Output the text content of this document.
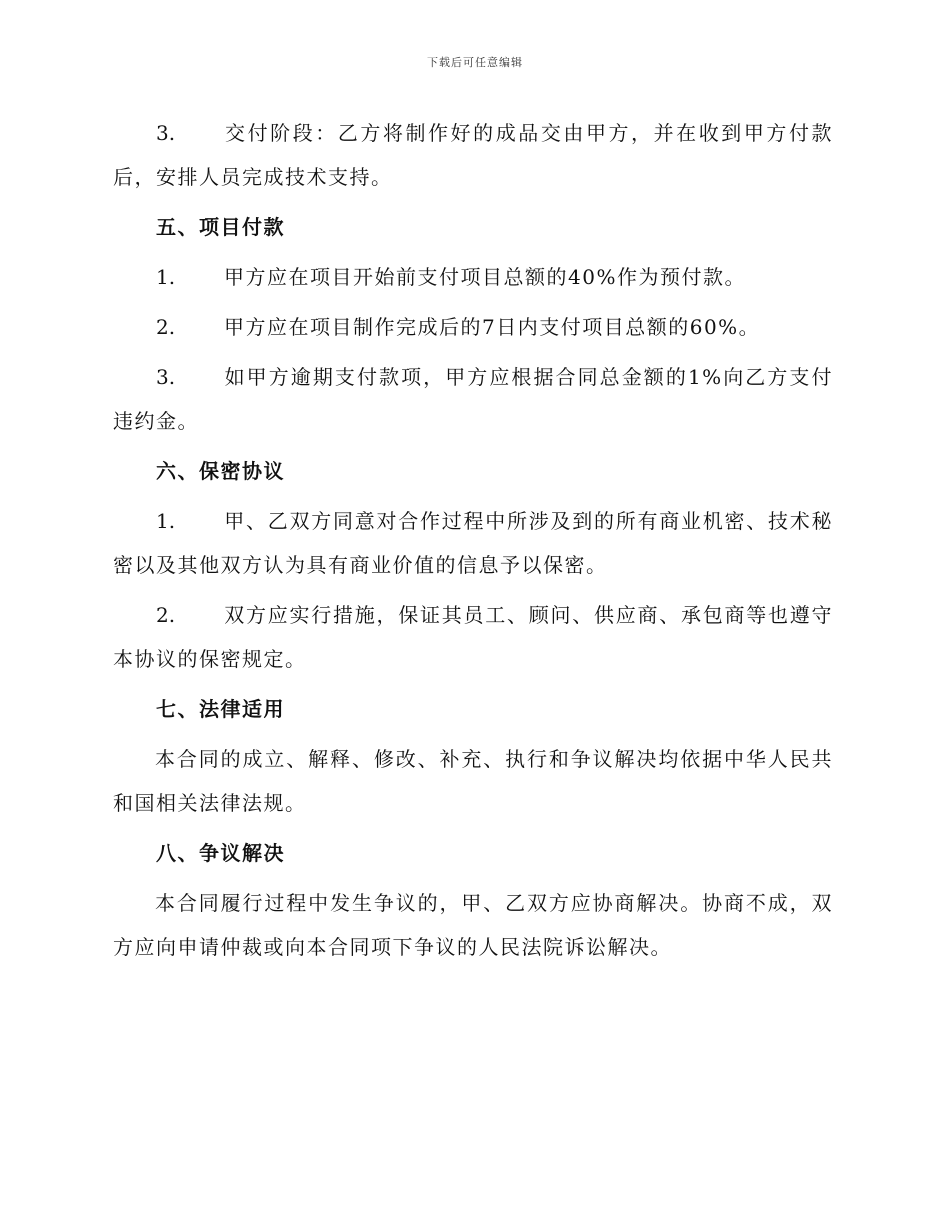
下载后可任意编辑

3. 交付阶段：乙方将制作好的成品交由甲方，并在收到甲方付款后，安排人员完成技术支持。

五、项目付款

1. 甲方应在项目开始前支付项目总额的40%作为预付款。

2. 甲方应在项目制作完成后的7日内支付项目总额的60%。

3. 如甲方逾期支付款项，甲方应根据合同总金额的1%向乙方支付违约金。

六、保密协议

1. 甲、乙双方同意对合作过程中所涉及到的所有商业机密、技术秘密以及其他双方认为具有商业价值的信息予以保密。

2. 双方应实行措施，保证其员工、顾问、供应商、承包商等也遵守本协议的保密规定。

七、法律适用

本合同的成立、解释、修改、补充、执行和争议解决均依据中华人民共和国相关法律法规。

八、争议解决

本合同履行过程中发生争议的，甲、乙双方应协商解决。协商不成，双方应向申请仲裁或向本合同项下争议的人民法院诉讼解决。
